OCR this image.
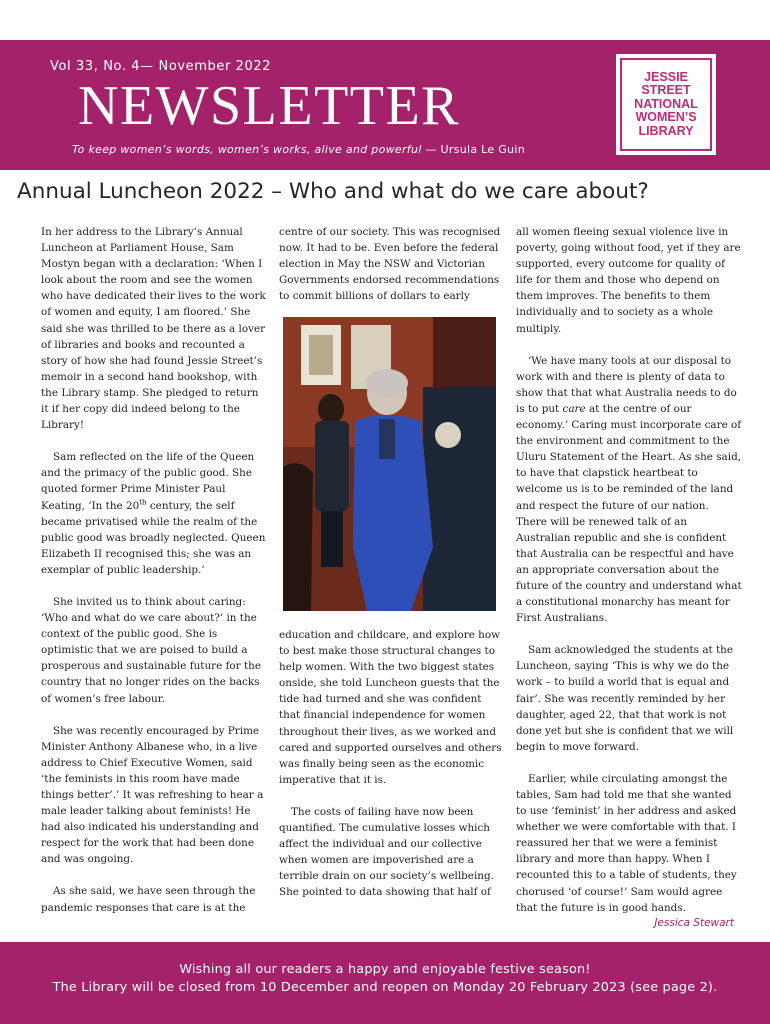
Vol 33, No. 4— November 2022
NEWSLETTER
To keep women’s words, women’s works, alive and powerful — Ursula Le Guin
JESSIE
STREET
NATIONAL
WOMEN’S
LIBRARY
Annual Luncheon 2022 – Who and what do we care about?

In her address to the Library’s Annual Luncheon at Parliament House, Sam Mostyn began with a declaration: ‘When I look about the room and see the women who have dedicated their lives to the work of women and equity, I am floored.’ She said she was thrilled to be there as a lover of libraries and books and recounted a story of how she had found Jessie Street’s memoir in a second hand bookshop, with the Library stamp. She pledged to return it if her copy did indeed belong to the Library!

Sam reflected on the life of the Queen and the primacy of the public good. She quoted former Prime Minister Paul Keating, ‘In the 20th century, the self became privatised while the realm of the public good was broadly neglected. Queen Elizabeth II recognised this; she was an exemplar of public leadership.’

She invited us to think about caring: ‘Who and what do we care about?’ in the context of the public good. She is optimistic that we are poised to build a prosperous and sustainable future for the country that no longer rides on the backs of women’s free labour.

She was recently encouraged by Prime Minister Anthony Albanese who, in a live address to Chief Executive Women, said ‘the feminists in this room have made things better’.’ It was refreshing to hear a male leader talking about feminists! He had also indicated his understanding and respect for the work that had been done and was ongoing.

As she said, we have seen through the pandemic responses that care is at the

centre of our society. This was recognised now. It had to be. Even before the federal election in May the NSW and Victorian Governments endorsed recommendations to commit billions of dollars to early

education and childcare, and explore how to best make those structural changes to help women. With the two biggest states onside, she told Luncheon guests that the tide had turned and she was confident that financial independence for women throughout their lives, as we worked and cared and supported ourselves and others was finally being seen as the economic imperative that it is.

The costs of failing have now been quantified. The cumulative losses which affect the individual and our collective when women are impoverished are a terrible drain on our society’s wellbeing. She pointed to data showing that half of

all women fleeing sexual violence live in poverty, going without food, yet if they are supported, every outcome for quality of life for them and those who depend on them improves. The benefits to them individually and to society as a whole multiply.

‘We have many tools at our disposal to work with and there is plenty of data to show that that what Australia needs to do is to put care at the centre of our economy.’ Caring must incorporate care of the environment and commitment to the Uluru Statement of the Heart. As she said, to have that clapstick heartbeat to welcome us is to be reminded of the land and respect the future of our nation. There will be renewed talk of an Australian republic and she is confident that Australia can be respectful and have an appropriate conversation about the future of the country and understand what a constitutional monarchy has meant for First Australians.

Sam acknowledged the students at the Luncheon, saying ‘This is why we do the work – to build a world that is equal and fair’. She was recently reminded by her daughter, aged 22, that that work is not done yet but she is confident that we will begin to move forward.

Earlier, while circulating amongst the tables, Sam had told me that she wanted to use ‘feminist’ in her address and asked whether we were comfortable with that. I reassured her that we were a feminist library and more than happy. When I recounted this to a table of students, they chorused ‘of course!’ Sam would agree that the future is in good hands.

Jessica Stewart
Wishing all our readers a happy and enjoyable festive season!
The Library will be closed from 10 December and reopen on Monday 20 February 2023 (see page 2).
